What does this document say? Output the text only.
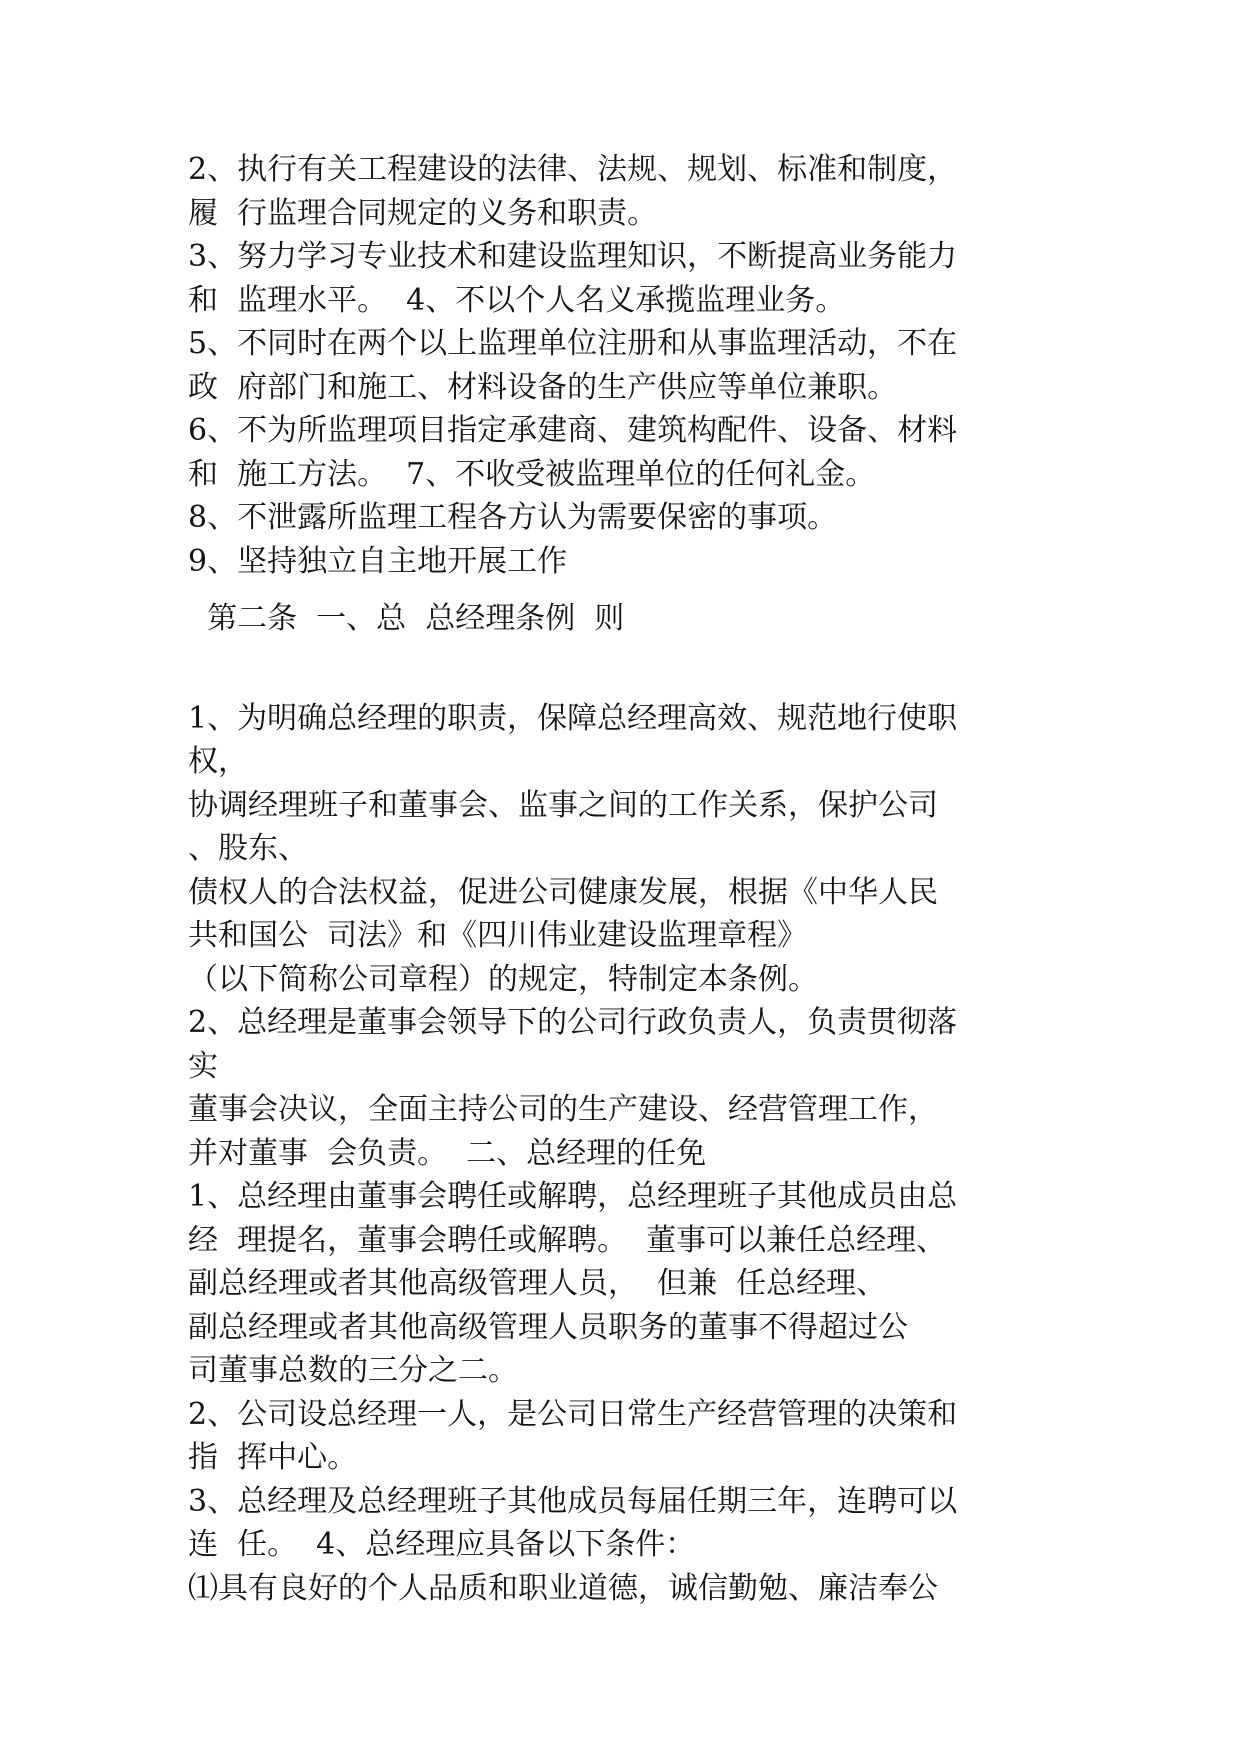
2、执行有关工程建设的法律、法规、规划、标准和制度，
履  行监理合同规定的义务和职责。
3、努力学习专业技术和建设监理知识，不断提高业务能力
和  监理水平。  4、不以个人名义承揽监理业务。
5、不同时在两个以上监理单位注册和从事监理活动，不在
政  府部门和施工、材料设备的生产供应等单位兼职。
6、不为所监理项目指定承建商、建筑构配件、设备、材料
和  施工方法。  7、不收受被监理单位的任何礼金。
8、不泄露所监理工程各方认为需要保密的事项。
9、坚持独立自主地开展工作
第二条  一、总  总经理条例  则
1、为明确总经理的职责，保障总经理高效、规范地行使职
权，
协调经理班子和董事会、监事之间的工作关系，保护公司
、股东、
债权人的合法权益，促进公司健康发展，根据《中华人民
共和国公  司法》和《四川伟业建设监理章程》
（以下简称公司章程）的规定，特制定本条例。
2、总经理是董事会领导下的公司行政负责人，负责贯彻落
实
董事会决议，全面主持公司的生产建设、经营管理工作，
并对董事  会负责。  二、总经理的任免
1、总经理由董事会聘任或解聘，总经理班子其他成员由总
经  理提名，董事会聘任或解聘。  董事可以兼任总经理、
副总经理或者其他高级管理人员，  但兼  任总经理、
副总经理或者其他高级管理人员职务的董事不得超过公
司董事总数的三分之二。
2、公司设总经理一人，是公司日常生产经营管理的决策和
指  挥中心。
3、总经理及总经理班子其他成员每届任期三年，连聘可以
连  任。  4、总经理应具备以下条件：
⑴具有良好的个人品质和职业道德，诚信勤勉、廉洁奉公
